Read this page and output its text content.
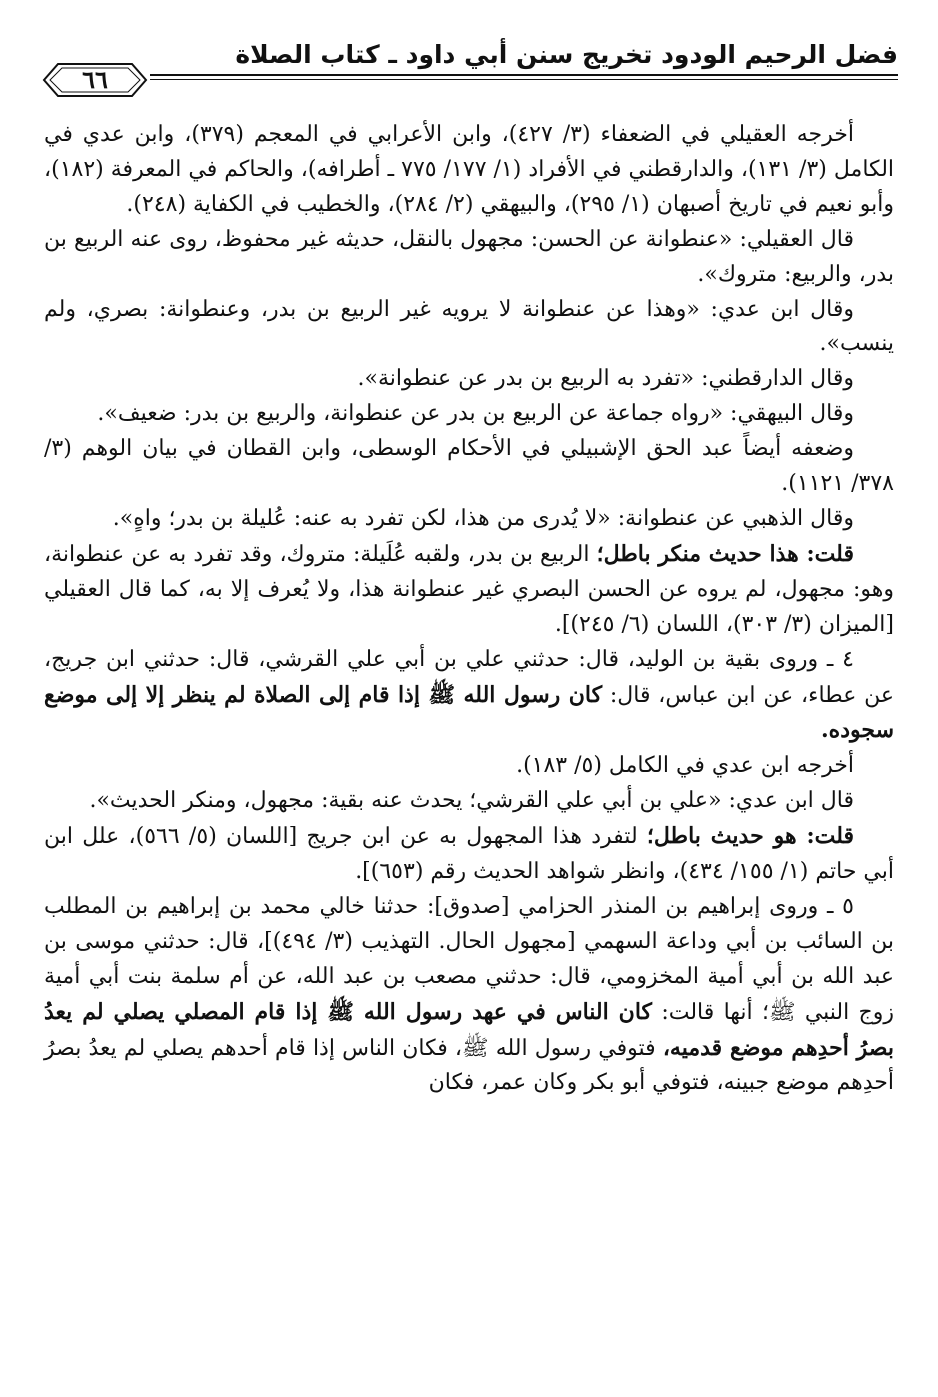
فضل الرحيم الودود تخريج سنن أبي داود ـ كتاب الصلاة
٦٦

أخرجه العقيلي في الضعفاء (٣/ ٤٢٧)، وابن الأعرابي في المعجم (٣٧٩)، وابن عدي في الكامل (٣/ ١٣١)، والدارقطني في الأفراد (١/ ١٧٧/ ٧٧٥ ـ أطرافه)، والحاكم في المعرفة (١٨٢)، وأبو نعيم في تاريخ أصبهان (١/ ٢٩٥)، والبيهقي (٢/ ٢٨٤)، والخطيب في الكفاية (٢٤٨).

قال العقيلي: «عنطوانة عن الحسن: مجهول بالنقل، حديثه غير محفوظ، روى عنه الربيع بن بدر، والربيع: متروك».

وقال ابن عدي: «وهذا عن عنطوانة لا يرويه غير الربيع بن بدر، وعنطوانة: بصري، ولم ينسب».

وقال الدارقطني: «تفرد به الربيع بن بدر عن عنطوانة».

وقال البيهقي: «رواه جماعة عن الربيع بن بدر عن عنطوانة، والربيع بن بدر: ضعيف».

وضعفه أيضاً عبد الحق الإشبيلي في الأحكام الوسطى، وابن القطان في بيان الوهم (٣/ ٣٧٨/ ١١٢١).

وقال الذهبي عن عنطوانة: «لا يُدرى من هذا، لكن تفرد به عنه: عُليلة بن بدر؛ واهٍ».

قلت: هذا حديث منكر باطل؛ الربيع بن بدر، ولقبه عُلَيلة: متروك، وقد تفرد به عن عنطوانة، وهو: مجهول، لم يروه عن الحسن البصري غير عنطوانة هذا، ولا يُعرف إلا به، كما قال العقيلي [الميزان (٣/ ٣٠٣)، اللسان (٦/ ٢٤٥)].

٤ ـ وروى بقية بن الوليد، قال: حدثني علي بن أبي علي القرشي، قال: حدثني ابن جريج، عن عطاء، عن ابن عباس، قال: كان رسول الله ﷺ إذا قام إلى الصلاة لم ينظر إلا إلى موضع سجوده.

أخرجه ابن عدي في الكامل (٥/ ١٨٣).

قال ابن عدي: «علي بن أبي علي القرشي؛ يحدث عنه بقية: مجهول، ومنكر الحديث».

قلت: هو حديث باطل؛ لتفرد هذا المجهول به عن ابن جريج [اللسان (٥/ ٥٦٦)، علل ابن أبي حاتم (١/ ١٥٥/ ٤٣٤)، وانظر شواهد الحديث رقم (٦٥٣)].

٥ ـ وروى إبراهيم بن المنذر الحزامي [صدوق]: حدثنا خالي محمد بن إبراهيم بن المطلب بن السائب بن أبي وداعة السهمي [مجهول الحال. التهذيب (٣/ ٤٩٤)]، قال: حدثني موسى بن عبد الله بن أبي أمية المخزومي، قال: حدثني مصعب بن عبد الله، عن أم سلمة بنت أبي أمية زوج النبي ﷺ؛ أنها قالت: كان الناس في عهد رسول الله ﷺ إذا قام المصلي يصلي لم يعدُ بصرُ أحدِهم موضع قدميه، فتوفي رسول الله ﷺ، فكان الناس إذا قام أحدهم يصلي لم يعدُ بصرُ أحدِهم موضع جبينه، فتوفي أبو بكر وكان عمر، فكان
